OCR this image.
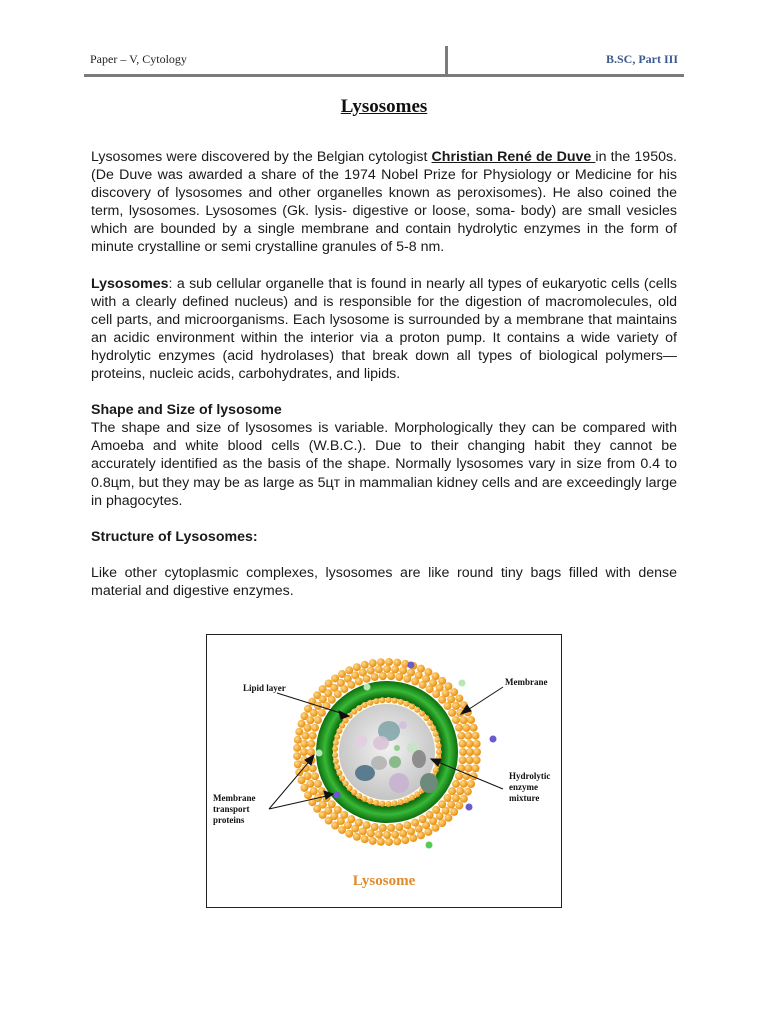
Paper – V, Cytology	B.SC, Part III
Lysosomes

Lysosomes were discovered by the Belgian cytologist Christian René de Duve in the 1950s. (De Duve was awarded a share of the 1974 Nobel Prize for Physiology or Medicine for his discovery of lysosomes and other organelles known as peroxisomes). He also coined the term, lysosomes. Lysosomes (Gk. lysis- digestive or loose, soma- body) are small vesicles which are bounded by a single membrane and contain hydrolytic enzymes in the form of minute crystalline or semi crystalline granules of 5-8 nm.

Lysosomes: a sub cellular organelle that is found in nearly all types of eukaryotic cells (cells with a clearly defined nucleus) and is responsible for the digestion of macromolecules, old cell parts, and microorganisms. Each lysosome is surrounded by a membrane that maintains an acidic environment within the interior via a proton pump. It contains a wide variety of hydrolytic enzymes (acid hydrolases) that break down all types of biological polymers—proteins, nucleic acids, carbohydrates, and lipids.

Shape and Size of lysosome

The shape and size of lysosomes is variable. Morphologically they can be compared with Amoeba and white blood cells (W.B.C.). Due to their changing habit they cannot be accurately identified as the basis of the shape. Normally lysosomes vary in size from 0.4 to 0.8цm, but they may be as large as 5цт in mammalian kidney cells and are exceedingly large in phagocytes.

Structure of Lysosomes:

Like other cytoplasmic complexes, lysosomes are like round tiny bags filled with dense material and digestive enzymes.

Lipid layer
Membrane
Hydrolytic
enzyme
mixture
Membrane
transport
proteins
Lysosome
